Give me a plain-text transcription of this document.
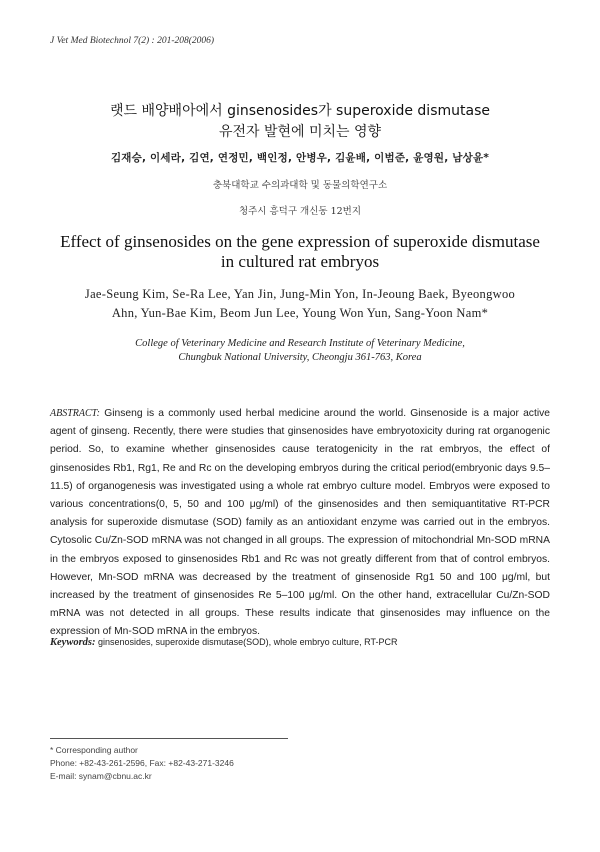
J Vet Med Biotechnol 7(2) : 201-208(2006)
랫드 배양배아에서 ginsenosides가 superoxide dismutase
유전자 발현에 미치는 영향
김재승, 이세라, 김연, 연정민, 백인정, 안병우, 김윤배, 이범준, 윤영원, 남상윤*
충북대학교 수의과대학 및 동물의학연구소
청주시 흥덕구 개신동 12번지
Effect of ginsenosides on the gene expression of superoxide dismutase
in cultured rat embryos
Jae-Seung Kim, Se-Ra Lee, Yan Jin, Jung-Min Yon, In-Jeoung Baek, Byeongwoo
Ahn, Yun-Bae Kim, Beom Jun Lee, Young Won Yun, Sang-Yoon Nam*
College of Veterinary Medicine and Research Institute of Veterinary Medicine,
Chungbuk National University, Cheongju 361-763, Korea
ABSTRACT: Ginseng is a commonly used herbal medicine around the world. Ginsenoside is a major active agent of ginseng. Recently, there were studies that ginsenosides have embryotoxicity during rat organogenic period. So, to examine whether ginsenosides cause teratogenicity in the rat embryos, the effect of ginsenosides Rb1, Rg1, Re and Rc on the developing embryos during the critical period(embryonic days 9.5–11.5) of organogenesis was investigated using a whole rat embryo culture model. Embryos were exposed to various concentrations(0, 5, 50 and 100 μg/ml) of the ginsenosides and then semiquantitative RT-PCR analysis for superoxide dismutase (SOD) family as an antioxidant enzyme was carried out in the embryos. Cytosolic Cu/Zn-SOD mRNA was not changed in all groups. The expression of mitochondrial Mn-SOD mRNA in the embryos exposed to ginsenosides Rb1 and Rc was not greatly different from that of control embryos. However, Mn-SOD mRNA was decreased by the treatment of ginsenoside Rg1 50 and 100 μg/ml, but increased by the treatment of ginsenosides Re 5–100 μg/ml. On the other hand, extracellular Cu/Zn-SOD mRNA was not detected in all groups. These results indicate that ginsenosides may influence on the expression of Mn-SOD mRNA in the embryos.
Keywords: ginsenosides, superoxide dismutase(SOD), whole embryo culture, RT-PCR
* Corresponding author
Phone: +82-43-261-2596, Fax: +82-43-271-3246
E-mail: synam@cbnu.ac.kr
